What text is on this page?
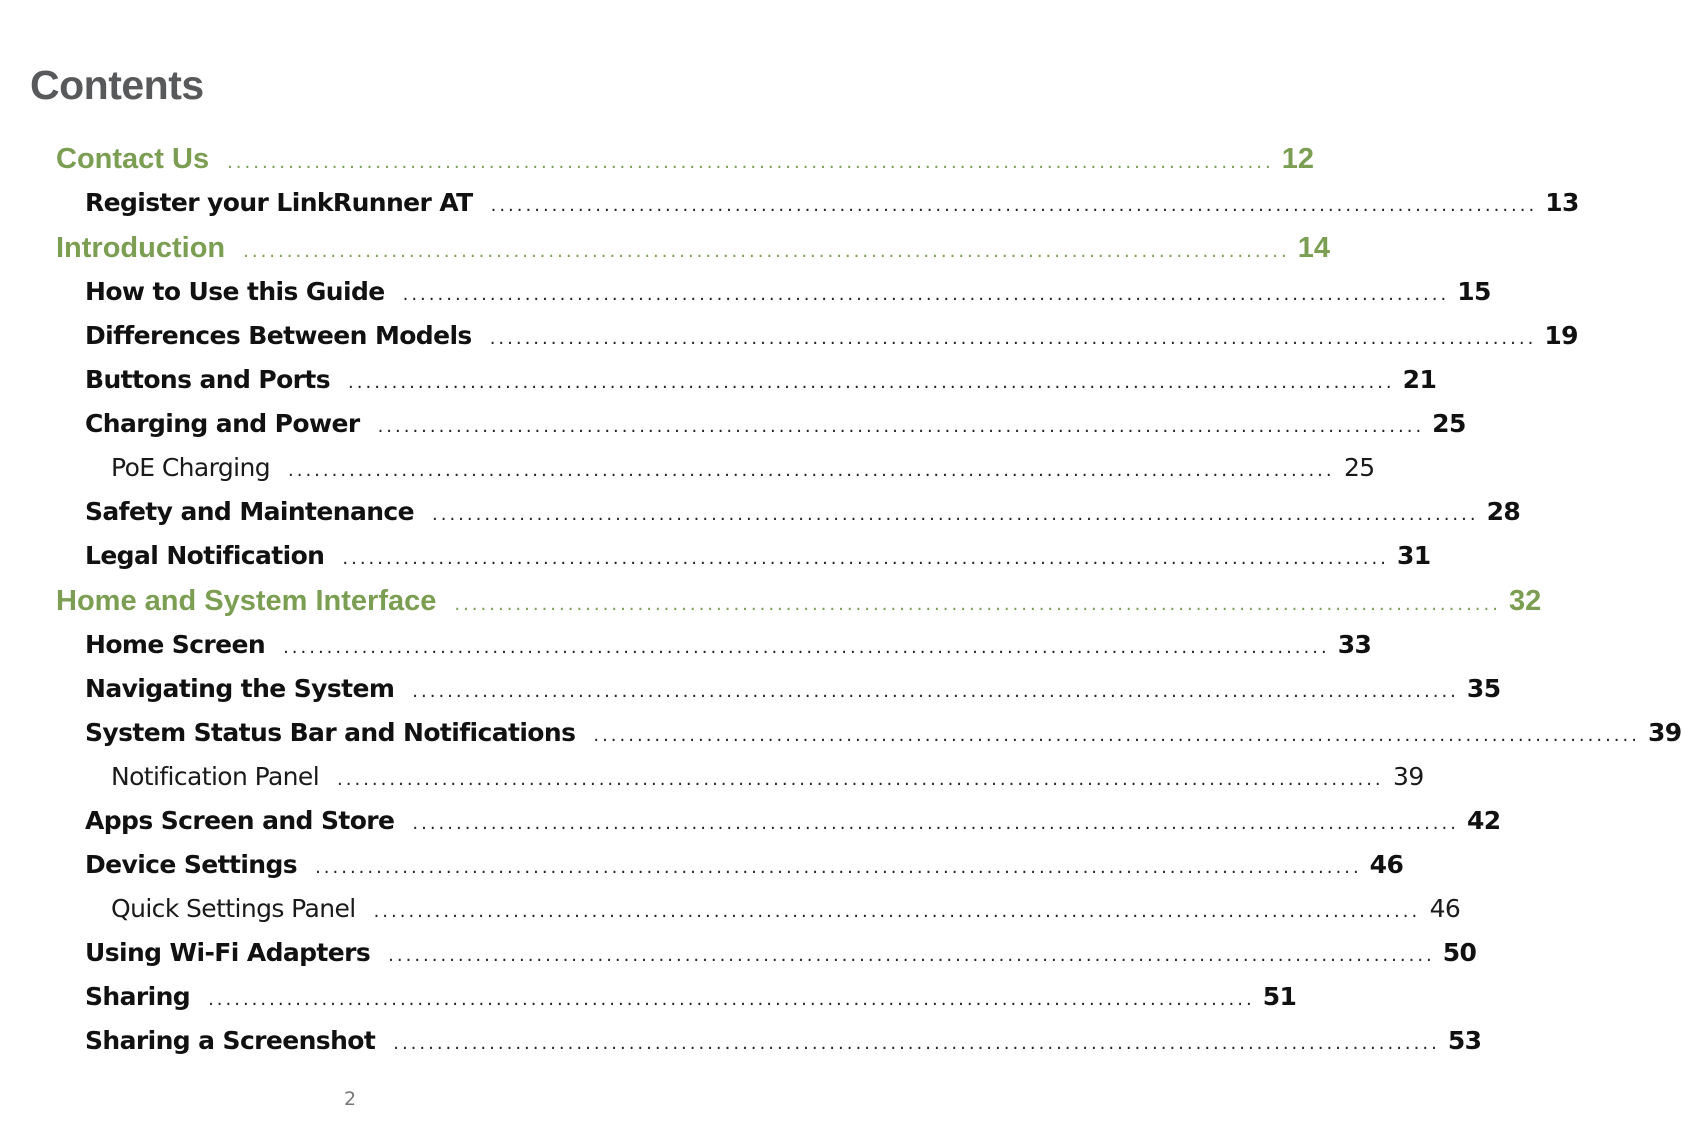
Contents
Contact Us ........................................................................................................................ 12
Register your LinkRunner AT ........................................................................................................................ 13
Introduction ........................................................................................................................ 14
How to Use this Guide ........................................................................................................................ 15
Differences Between Models ........................................................................................................................ 19
Buttons and Ports ........................................................................................................................ 21
Charging and Power ........................................................................................................................ 25
PoE Charging ........................................................................................................................ 25
Safety and Maintenance ........................................................................................................................ 28
Legal Notification ........................................................................................................................ 31
Home and System Interface ........................................................................................................................ 32
Home Screen ........................................................................................................................ 33
Navigating the System ........................................................................................................................ 35
System Status Bar and Notifications ........................................................................................................................ 39
Notification Panel ........................................................................................................................ 39
Apps Screen and Store ........................................................................................................................ 42
Device Settings ........................................................................................................................ 46
Quick Settings Panel ........................................................................................................................ 46
Using Wi-Fi Adapters ........................................................................................................................ 50
Sharing ........................................................................................................................ 51
Sharing a Screenshot ........................................................................................................................ 53

2
